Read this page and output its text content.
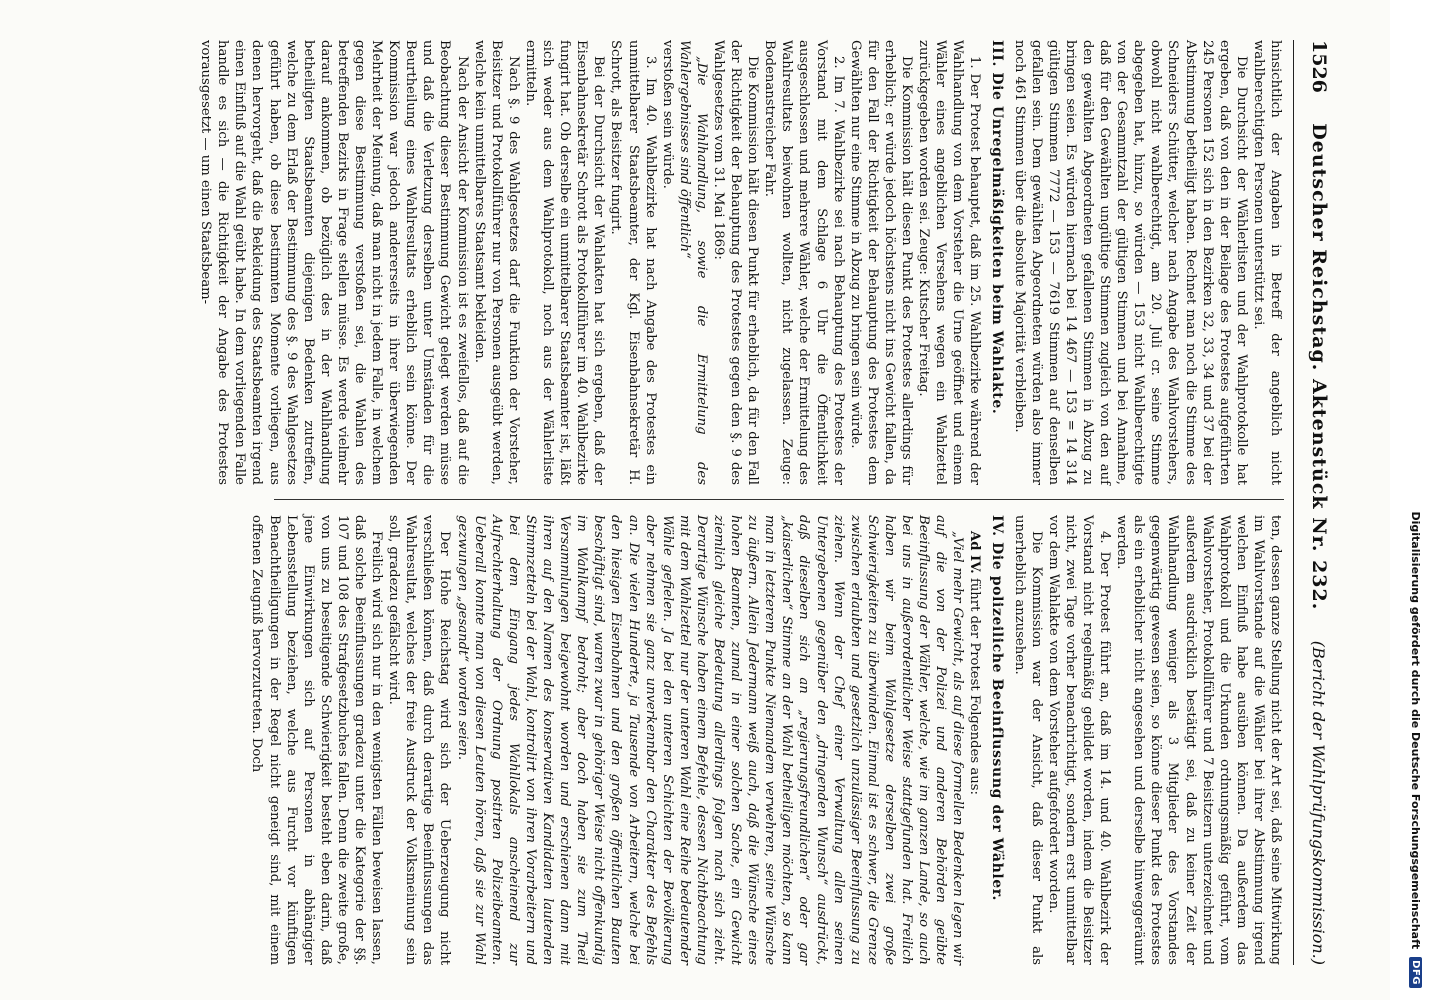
1526
Deutscher Reichstag. Aktenstück Nr. 232.
(Bericht der Wahlprüfungskommission.)

hinsichtlich der Angaben in Betreff der angeblich nicht wahlberechtigten Personen unterstützt sei.

Die Durchsicht der Wählerlisten und der Wahlprotokolle hat ergeben, daß von den in der Beilage des Protestes aufgeführten 245 Personen 152 sich in den Bezirken 32, 33, 34 und 37 bei der Abstimmung betheiligt haben. Rechnet man noch die Stimme des Schneiders Schütter, welcher nach Angabe des Wahlvorstehers, obwohl nicht wahlberechtigt, am 20. Juli cr. seine Stimme abgegeben hat, hinzu, so würden — 153 nicht Wahlberechtigte von der Gesammtzahl der gültigen Stimmen und bei Annahme, daß für den Gewählten ungültige Stimmen zugleich von den auf den gewählten Abgeordneten gefallenen Stimmen in Abzug zu bringen seien. Es würden hiernach bei 14 467 — 153 = 14 314 gültigen Stimmen 7772 — 153 — 7619 Stimmen auf denselben gefallen sein. Dem gewählten Abgeordneten würden also immer noch 461 Stimmen über die absolute Majorität verbleiben.

III. Die Unregelmäßigkeiten beim Wahlakte.

1. Der Protest behauptet, daß im 25. Wahlbezirke während der Wahlhandlung von dem Vorsteher die Urne geöffnet und einem Wähler eines angeblichen Versehens wegen ein Wahlzettel zurückgegeben worden sei. Zeuge: Kutscher Freitag.

Die Kommission hält diesen Punkt des Protestes allerdings für erheblich; er würde jedoch höchstens nicht ins Gewicht fallen, da für den Fall der Richtigkeit der Behauptung des Protestes dem Gewählten nur eine Stimme in Abzug zu bringen sein würde.

2. Im 7. Wahlbezirke sei nach Behauptung des Protestes der Vorstand mit dem Schlage 6 Uhr die Öffentlichkeit ausgeschlossen und mehrere Wähler, welche der Ermittelung des Wahlresultats beiwohnen wollten, nicht zugelassen. Zeuge: Bodenanstreicher Fahr.

Die Kommission hält diesen Punkt für erheblich, da für den Fall der Richtigkeit der Behauptung des Protestes gegen den §. 9 des Wahlgesetzes vom 31. Mai 1869:

„Die Wahlhandlung, sowie die Ermittelung des Wahlergebnisses sind öffentlich“

verstoßen sein würde.

3. Im 40. Wahlbezirke hat nach Angabe des Protestes ein unmittelbarer Staatsbeamter, der Kgl. Eisenbahnsekretär H. Schrott, als Beisitzer fungirt.

Bei der Durchsicht der Wahlakten hat sich ergeben, daß der Eisenbahnsekretär Schrott als Protokollführer im 40. Wahlbezirke fungirt hat. Ob derselbe ein unmittelbarer Staatsbeamter ist, läßt sich weder aus dem Wahlprotokoll, noch aus der Wählerliste ermitteln.

Nach §. 9 des Wahlgesetzes darf die Funktion der Vorsteher, Beisitzer und Protokollführer nur von Personen ausgeübt werden, welche kein unmittelbares Staatsamt bekleiden.

Nach der Ansicht der Kommission ist es zweifellos, daß auf die Beobachtung dieser Bestimmung Gewicht gelegt werden müsse und daß die Verletzung derselben unter Umständen für die Beurtheilung eines Wahlresultats erheblich sein könne. Der Kommission war jedoch andererseits in ihrer überwiegenden Mehrheit der Meinung, daß man nicht in jedem Falle, in welchem gegen diese Bestimmung verstoßen sei, die Wahlen des betreffenden Bezirks in Frage stellen müsse. Es werde vielmehr darauf ankommen, ob bezüglich des in der Wahlhandlung betheiligten Staatsbeamten diejenigen Bedenken zutreffen, welche zu dem Erlaß der Bestimmung des §. 9 des Wahlgesetzes geführt haben, ob diese bestimmten Momente vorliegen, aus denen hervorgeht, daß die Bekleidung des Staatsbeamten irgend einen Einfluß auf die Wahl geübt habe. In dem vorliegenden Falle handle es sich — die Richtigkeit der Angabe des Protestes vorausgesetzt — um einen Staatsbeam-

ten, dessen ganze Stellung nicht der Art sei, daß seine Mitwirkung im Wahlvorstande auf die Wähler bei ihrer Abstimmung irgend welchen Einfluß habe ausüben können. Da außerdem das Wahlprotokoll und die Urkunden ordnungsmäßig geführt, vom Wahlvorsteher, Protokollführer und 7 Beisitzern unterzeichnet und außerdem ausdrücklich bestätigt sei, daß zu keiner Zeit der Wahlhandlung weniger als 3 Mitglieder des Vorstandes gegenwärtig gewesen seien, so könne dieser Punkt des Protestes als ein erheblicher nicht angesehen und derselbe hinweggeräumt werden.

4. Der Protest führt an, daß im 14. und 40. Wahlbezirk der Vorstand nicht regelmäßig gebildet worden, indem die Beisitzer nicht, zwei Tage vorher benachrichtigt, sondern erst unmittelbar vor dem Wahlakte von dem Vorsteher aufgefordert worden.

Die Kommission war der Ansicht, daß dieser Punkt als unerheblich anzusehen.

IV. Die polizeiliche Beeinflussung der Wähler.

Ad IV. führt der Protest Folgendes aus:

„Viel mehr Gewicht, als auf diese formellen Bedenken legen wir auf die von der Polizei und anderen Behörden geübte Beeinflussung der Wähler, welche, wie im ganzen Lande, so auch bei uns in außerordentlicher Weise stattgefunden hat. Freilich haben wir beim Wahlgesetze derselben zwei große Schwierigkeiten zu überwinden. Einmal ist es schwer, die Grenze zwischen erlaubten und gesetzlich unzulässiger Beeinflussung zu ziehen. Wenn der Chef einer Verwaltung allen seinen Untergebenen gegenüber den „dringenden Wunsch“ ausdrückt, daß dieselben sich an „regierungsfreundlichen“ oder gar „kaiserlichen“ Stimme an der Wahl betheiligen möchten, so kann man in letzterem Punkte Niemandem verwehren, seine Wünsche zu äußern. Allein Jedermann weiß auch, daß die Wünsche eines hohen Beamten, zumal in einer solchen Sache, ein Gewicht ziemlich gleiche Bedeutung allerdings folgen nach sich zieht. Derartige Wünsche haben einem Befehle, dessen Nichtbeachtung mit dem Wahlzettel nur der unteren Wahl eine Reihe bedeutender Wähle gefielen. Ja bei den unteren Schichten der Bevölkerung aber nehmen sie ganz unverkennbar den Charakter des Befehls an. Die vielen Hunderte, ja Tausende von Arbeitern, welche bei den hiesigen Eisenbahnen und den großen öffentlichen Bauten beschäftigt sind, waren zwar in gehöriger Weise nicht offenkundig im Wahlkampf bedroht; aber doch haben sie zum Theil Versammlungen beigewohnt worden und erschienen dann mit ihren auf den Namen des konservativen Kandidaten lautenden Stimmzetteln bei der Wahl, kontrolirt von ihren Vorarbeitern und bei dem Eingang jedes Wahllokals anscheinend zur Aufrechterhaltung der Ordnung postirten Polizeibeamten. Ueberall konnte man von diesen Leuten hören, daß sie zur Wahl gezwungen „gesandt“ worden seien.

Der Hohe Reichstag wird sich der Ueberzeugung nicht verschließen können, daß durch derartige Beeinflussungen das Wahlresultat, welches der freie Ausdruck der Volksmeinung sein soll, gradezu gefälscht wird.

Freilich wird sich nur in den wenigsten Fällen beweisen lassen, daß solche Beeinflussungen gradezu unter die Kategorie der §§. 107 und 108 des Strafgesetzbuches fallen. Denn die zweite große, von uns zu beseitigende Schwierigkeit besteht eben darin, daß jene Einwirkungen sich auf Personen in abhängiger Lebensstellung beziehen, welche aus Furcht vor künftigen Benachtheiligungen in der Regel nicht geneigt sind, mit einem offenen Zeugniß hervorzutreten. Doch	Digitalisierung gefördert durch die Deutsche Forschungsgemeinschaft
DFG
